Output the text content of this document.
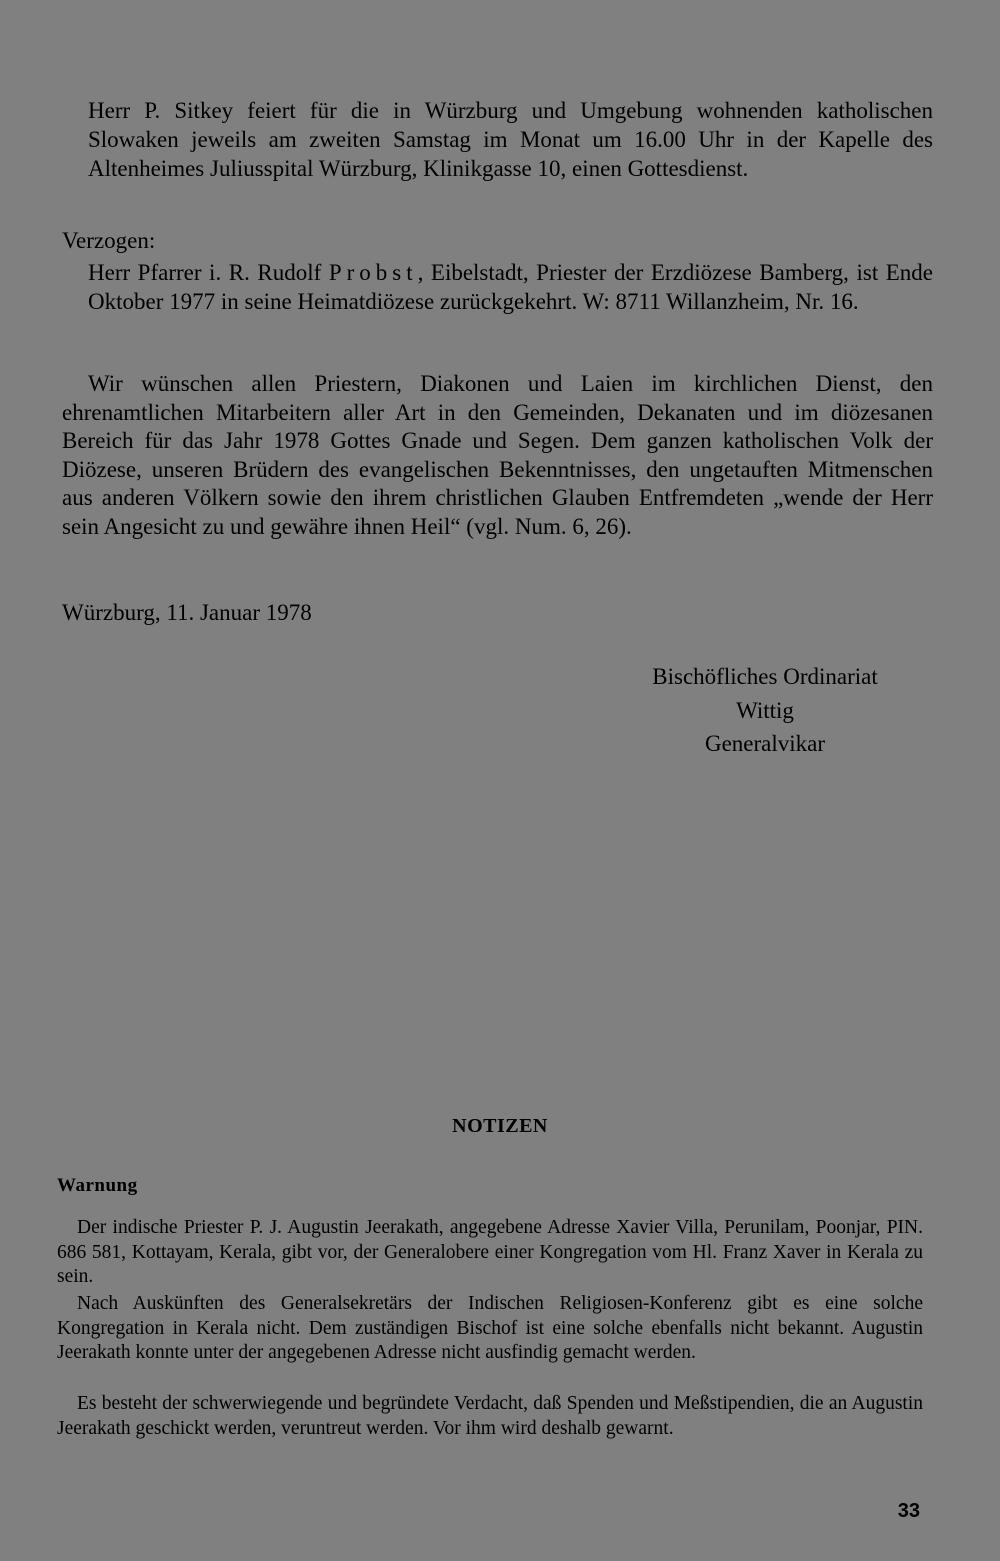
Herr P. Sitkey feiert für die in Würzburg und Umgebung wohnenden katholischen Slowaken jeweils am zweiten Samstag im Monat um 16.00 Uhr in der Kapelle des Altenheimes Juliusspital Würzburg, Klinikgasse 10, einen Gottesdienst.

Verzogen:

Herr Pfarrer i. R. Rudolf Probst, Eibelstadt, Priester der Erzdiözese Bamberg, ist Ende Oktober 1977 in seine Heimatdiözese zurückgekehrt. W: 8711 Willanzheim, Nr. 16.

Wir wünschen allen Priestern, Diakonen und Laien im kirchlichen Dienst, den ehrenamtlichen Mitarbeitern aller Art in den Gemeinden, Dekanaten und im diözesanen Bereich für das Jahr 1978 Gottes Gnade und Segen. Dem ganzen katholischen Volk der Diözese, unseren Brüdern des evangelischen Bekenntnisses, den ungetauften Mitmenschen aus anderen Völkern sowie den ihrem christlichen Glauben Entfremdeten „wende der Herr sein Angesicht zu und gewähre ihnen Heil“ (vgl. Num. 6, 26).

Würzburg, 11. Januar 1978

Bischöfliches Ordinariat
Wittig
Generalvikar
NOTIZEN
Warnung

Der indische Priester P. J. Augustin Jeerakath, angegebene Adresse Xavier Villa, Perunilam, Poonjar, PIN. 686 581, Kottayam, Kerala, gibt vor, der Generalobere einer Kongregation vom Hl. Franz Xaver in Kerala zu sein.

Nach Auskünften des Generalsekretärs der Indischen Religiosen-Konferenz gibt es eine solche Kongregation in Kerala nicht. Dem zuständigen Bischof ist eine solche ebenfalls nicht bekannt. Augustin Jeerakath konnte unter der angegebenen Adresse nicht ausfindig gemacht werden.

Es besteht der schwerwiegende und begründete Verdacht, daß Spenden und Meßstipendien, die an Augustin Jeerakath geschickt werden, veruntreut werden. Vor ihm wird deshalb gewarnt.

33
